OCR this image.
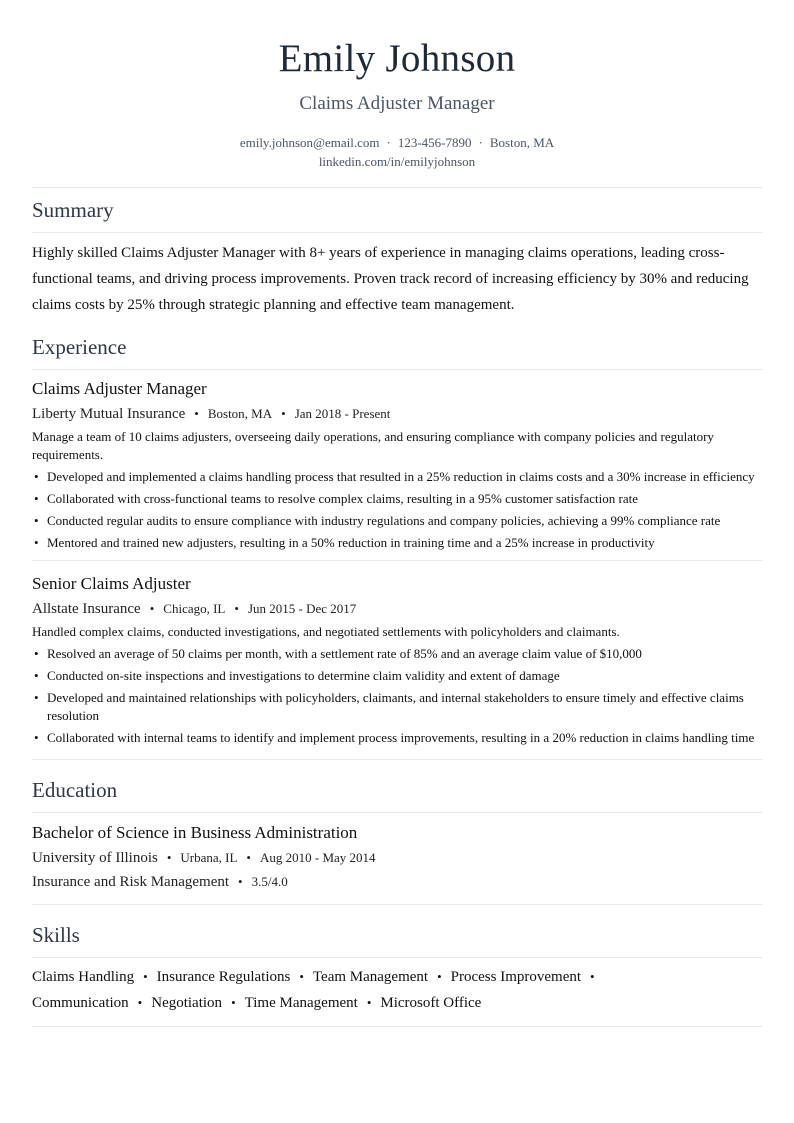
Emily Johnson
Claims Adjuster Manager
emily.johnson@email.com · 123-456-7890 · Boston, MA
linkedin.com/in/emilyjohnson
Summary

Highly skilled Claims Adjuster Manager with 8+ years of experience in managing claims operations, leading cross-functional teams, and driving process improvements. Proven track record of increasing efficiency by 30% and reducing claims costs by 25% through strategic planning and effective team management.

Experience
Claims Adjuster Manager
Liberty Mutual Insurance • Boston, MA • Jan 2018 - Present

Manage a team of 10 claims adjusters, overseeing daily operations, and ensuring compliance with company policies and regulatory requirements.

• Developed and implemented a claims handling process that resulted in a 25% reduction in claims costs and a 30% increase in efficiency
• Collaborated with cross-functional teams to resolve complex claims, resulting in a 95% customer satisfaction rate
• Conducted regular audits to ensure compliance with industry regulations and company policies, achieving a 99% compliance rate
• Mentored and trained new adjusters, resulting in a 50% reduction in training time and a 25% increase in productivity
Senior Claims Adjuster
Allstate Insurance • Chicago, IL • Jun 2015 - Dec 2017

Handled complex claims, conducted investigations, and negotiated settlements with policyholders and claimants.

• Resolved an average of 50 claims per month, with a settlement rate of 85% and an average claim value of $10,000
• Conducted on-site inspections and investigations to determine claim validity and extent of damage
• Developed and maintained relationships with policyholders, claimants, and internal stakeholders to ensure timely and effective claims resolution
• Collaborated with internal teams to identify and implement process improvements, resulting in a 20% reduction in claims handling time
Education
Bachelor of Science in Business Administration
University of Illinois • Urbana, IL • Aug 2010 - May 2014
Insurance and Risk Management • 3.5/4.0
Skills
Claims Handling • Insurance Regulations • Team Management • Process Improvement •
Communication • Negotiation • Time Management • Microsoft Office
